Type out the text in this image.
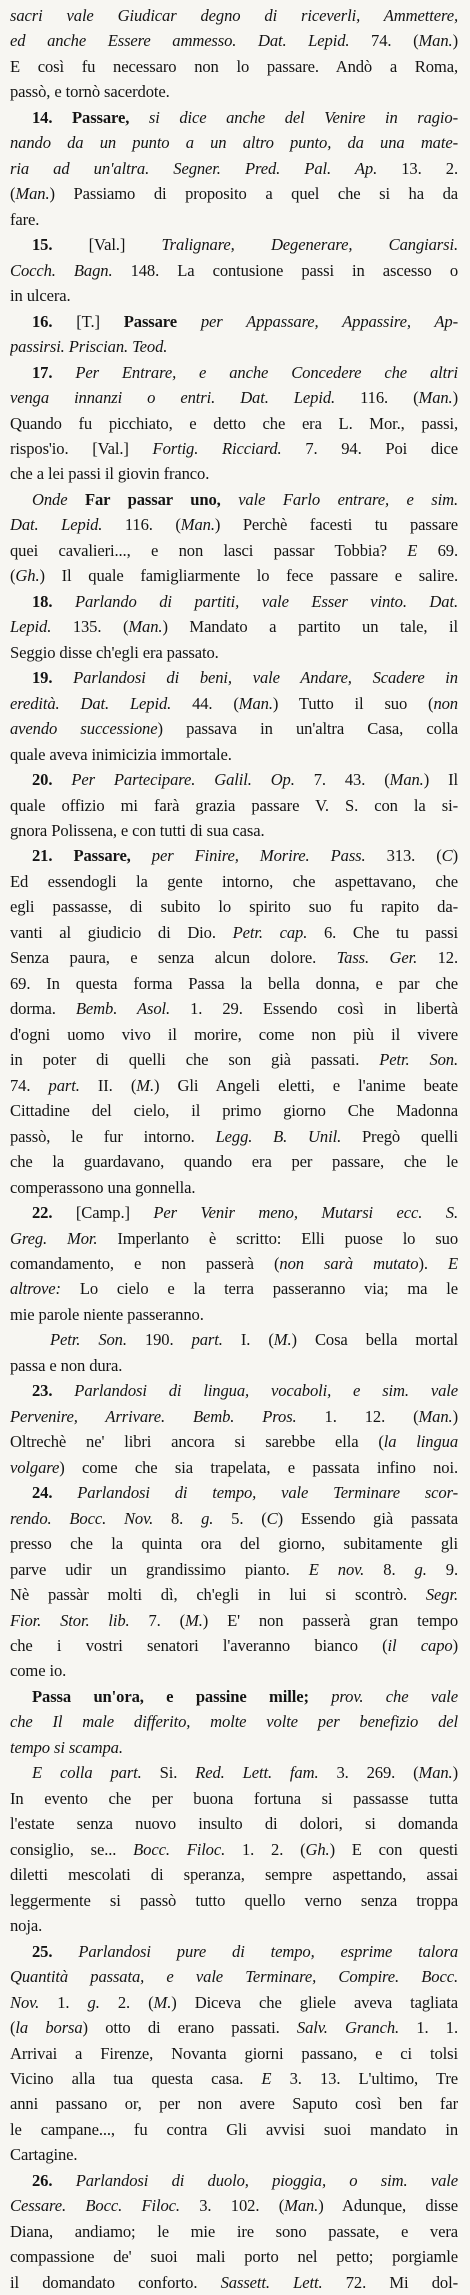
sacri vale Giudicar degno di riceverli, Ammettere,
ed anche Essere ammesso. Dat. Lepid. 74. (Man.)
E così fu necessaro non lo passare. Andò a Roma,
passò, e tornò sacerdote.
14. Passare, si dice anche del Venire in ragio-
nando da un punto a un altro punto, da una mate-
ria ad un'altra. Segner. Pred. Pal. Ap. 13. 2.
(Man.) Passiamo di proposito a quel che si ha da
fare.
15. [Val.] Tralignare, Degenerare, Cangiarsi.
Cocch. Bagn. 148. La contusione passi in ascesso o
in ulcera.
16. [T.] Passare per Appassare, Appassire, Ap-
passirsi. Priscian. Teod.
17. Per Entrare, e anche Concedere che altri
venga innanzi o entri. Dat. Lepid. 116. (Man.)
Quando fu picchiato, e detto che era L. Mor., passi,
rispos'io. [Val.] Fortig. Ricciard. 7. 94. Poi dice
che a lei passi il giovin franco.
Onde Far passar uno, vale Farlo entrare, e sim.
Dat. Lepid. 116. (Man.) Perchè facesti tu passare
quei cavalieri..., e non lasci passar Tobbia? E 69.
(Gh.) Il quale famigliarmente lo fece passare e salire.
18. Parlando di partiti, vale Esser vinto. Dat.
Lepid. 135. (Man.) Mandato a partito un tale, il
Seggio disse ch'egli era passato.
19. Parlandosi di beni, vale Andare, Scadere in
eredità. Dat. Lepid. 44. (Man.) Tutto il suo (non
avendo successione) passava in un'altra Casa, colla
quale aveva inimicizia immortale.
20. Per Partecipare. Galil. Op. 7. 43. (Man.) Il
quale offizio mi farà grazia passare V. S. con la si-
gnora Polissena, e con tutti di sua casa.
21. Passare, per Finire, Morire. Pass. 313. (C)
Ed essendogli la gente intorno, che aspettavano, che
egli passasse, di subito lo spirito suo fu rapito da-
vanti al giudicio di Dio. Petr. cap. 6. Che tu passi
Senza paura, e senza alcun dolore. Tass. Ger. 12.
69. In questa forma Passa la bella donna, e par che
dorma. Bemb. Asol. 1. 29. Essendo così in libertà
d'ogni uomo vivo il morire, come non più il vivere
in poter di quelli che son già passati. Petr. Son.
74. part. II. (M.) Gli Angeli eletti, e l'anime beate
Cittadine del cielo, il primo giorno Che Madonna
passò, le fur intorno. Legg. B. Unil. Pregò quelli
che la guardavano, quando era per passare, che le
comperassono una gonnella.
22. [Camp.] Per Venir meno, Mutarsi ecc. S.
Greg. Mor. Imperlanto è scritto: Elli puose lo suo
comandamento, e non passerà (non sarà mutato). E
altrove: Lo cielo e la terra passeranno via; ma le
mie parole niente passeranno.
Petr. Son. 190. part. I. (M.) Cosa bella mortal
passa e non dura.
23. Parlandosi di lingua, vocaboli, e sim. vale
Pervenire, Arrivare. Bemb. Pros. 1. 12. (Man.)
Oltrechè ne' libri ancora si sarebbe ella (la lingua
volgare) come che sia trapelata, e passata infino noi.
24. Parlandosi di tempo, vale Terminare scor-
rendo. Bocc. Nov. 8. g. 5. (C) Essendo già passata
presso che la quinta ora del giorno, subitamente gli
parve udir un grandissimo pianto. E nov. 8. g. 9.
Nè passàr molti dì, ch'egli in lui si scontrò. Segr.
Fior. Stor. lib. 7. (M.) E' non passerà gran tempo
che i vostri senatori l'averanno bianco (il capo)
come io.
Passa un'ora, e passine mille; prov. che vale
che Il male differito, molte volte per benefizio del
tempo si scampa.
E colla part. Si. Red. Lett. fam. 3. 269. (Man.)
In evento che per buona fortuna si passasse tutta
l'estate senza nuovo insulto di dolori, si domanda
consiglio, se... Bocc. Filoc. 1. 2. (Gh.) E con questi
diletti mescolati di speranza, sempre aspettando, assai
leggermente si passò tutto quello verno senza troppa
noja.
25. Parlandosi pure di tempo, esprime talora
Quantità passata, e vale Terminare, Compire. Bocc.
Nov. 1. g. 2. (M.) Diceva che gliele aveva tagliata
(la borsa) otto di erano passati. Salv. Granch. 1. 1.
Arrivai a Firenze, Novanta giorni passano, e ci tolsi
Vicino alla tua questa casa. E 3. 13. L'ultimo, Tre
anni passano or, per non avere Saputo così ben far
le campane..., fu contra Gli avvisi suoi mandato in
Cartagine.
26. Parlandosi di duolo, pioggia, o sim. vale
Cessare. Bocc. Filoc. 3. 102. (Man.) Adunque, disse
Diana, andiamo; le mie ire sono passate, e vera
compassione de' suoi mali porto nel petto; porgiamle
il domandato conforto. Sassett. Lett. 72. Mi dol-
